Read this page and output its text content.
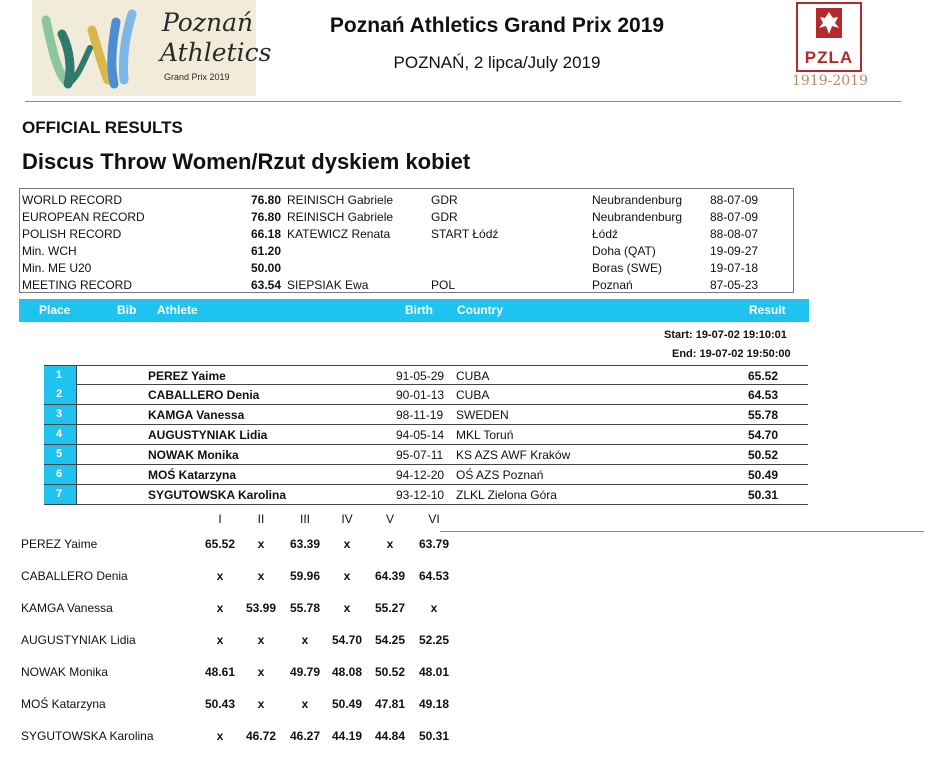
Poznań
Athletics
Grand Prix 2019
Poznań Athletics Grand Prix 2019
POZNAŃ, 2 lipca/July 2019	PZLA
1919-2019
OFFICIAL RESULTS
Discus Throw Women/Rzut dyskiem kobiet
WORLD RECORD	76.80 REINISCH Gabriele	GDR	Neubrandenburg 88-07-09
EUROPEAN RECORD	76.80 REINISCH Gabriele	GDR	Neubrandenburg 88-07-09
POLISH RECORD	66.18 KATEWICZ Renata	START Łódź	Łódź	88-08-07
Min. WCH	61.20	Doha (QAT)	19-09-27
Min. ME U20	50.00	Boras (SWE)	19-07-18
MEETING RECORD	63.54 SIEPSIAK Ewa	POL	Poznań	87-05-23
Place	Bib Athlete	Birth Country	Result
Start: 19-07-02 19:10:01
End: 19-07-02 19:50:00
1	PEREZ Yaime	91-05-29 CUBA	65.52
2	CABALLERO Denia	90-01-13 CUBA	64.53
3	KAMGA Vanessa	98-11-19 SWEDEN	55.78
4	AUGUSTYNIAK Lidia	94-05-14 MKL Toruń	54.70
5	NOWAK Monika	95-07-11 KS AZS AWF Kraków	50.52
6	MOŚ Katarzyna	94-12-20 OŚ AZS Poznań	50.49
7	SYGUTOWSKA Karolina	93-12-10 ZLKL Zielona Góra	50.31
I	II	III	IV	V	VI
PEREZ Yaime	65.52	x	63.39	x	x	63.79
CABALLERO Denia	x	x	59.96	x	64.39	64.53
KAMGA Vanessa	x	53.99	55.78	x	55.27	x
AUGUSTYNIAK Lidia	x	x	x	54.70	54.25	52.25
NOWAK Monika	48.61	x	49.79 48.08	50.52	48.01
MOŚ Katarzyna	50.43	x	x	50.49	47.81	49.18
SYGUTOWSKA Karolina	x	46.72	46.27 44.19	44.84	50.31
